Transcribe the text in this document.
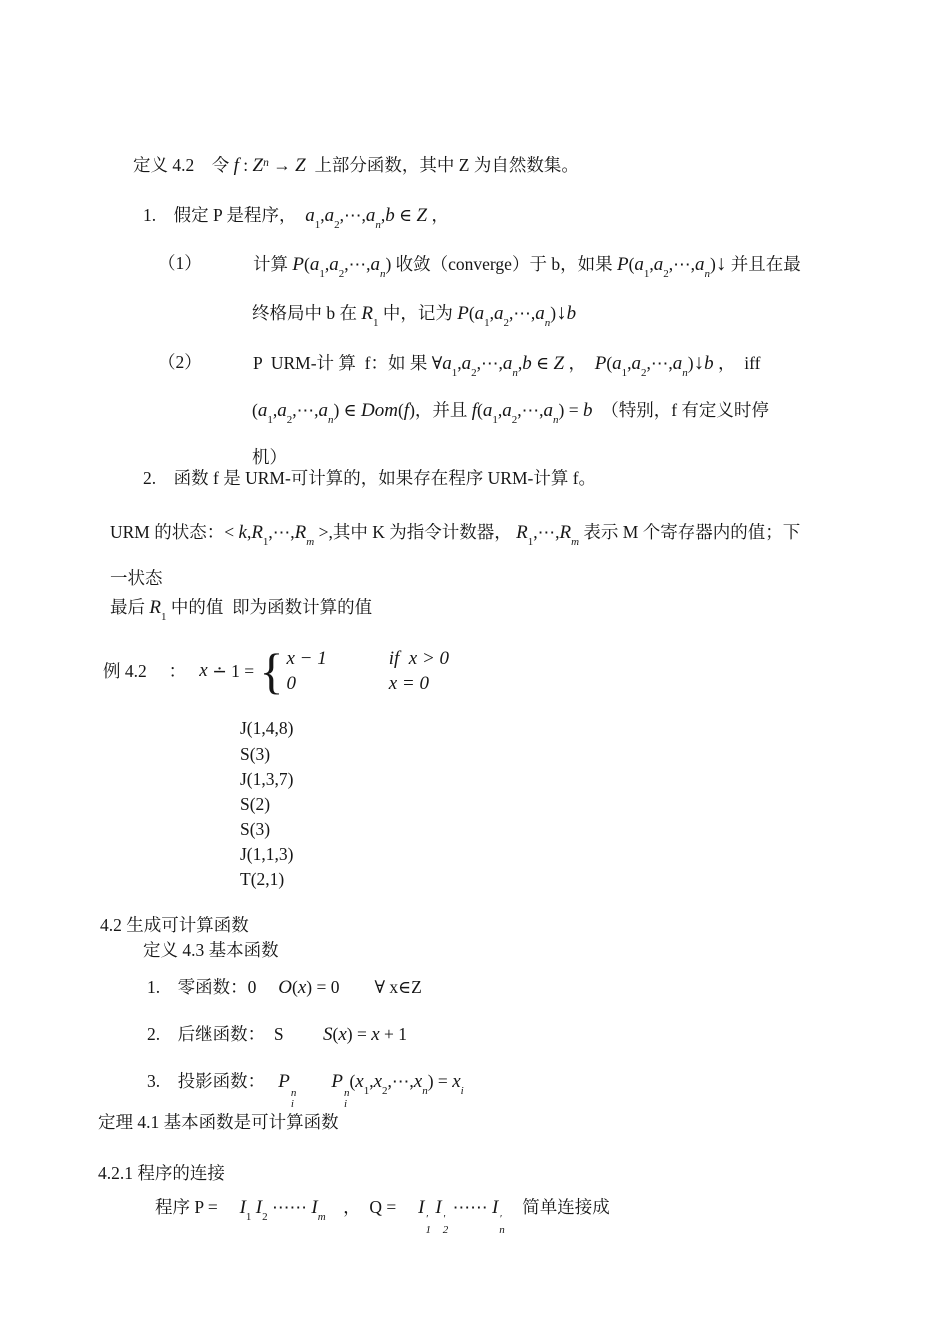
定义 4.2　令 f : $Z^n \to Z$  上部分函数，其中 Z 为自然数集。
1.　假定 P 是程序，　$a_1,a_2,\cdots,a_n,b$ ∈ Z ，
（1）	计算 $P(a_1,a_2,\cdots,a_n)$ 收敛（converge）于 b，如果 $P(a_1,a_2,\cdots,a_n)↓$ 并且在最
终格局中 b 在 $R_1$ 中，记为 $P(a_1,a_2,\cdots,a_n)↓b$
（2）	P  URM-计 算  f：如 果 $\forall a_1,a_2,\cdots,a_n,b$ ∈ Z ，　$P(a_1,a_2,\cdots,a_n)↓b$ ，  iff
$(a_1,a_2,\cdots,a_n)$ ∈ Dom(f)，并且 $f(a_1,a_2,\cdots,a_n) = b$　（特别，f 有定义时停
机）
2.　函数 f 是 URM-可计算的，如果存在程序 URM-计算 f。
URM 的状态：< $k,R_1,\cdots,R_m$ >,其中 K 为指令计数器， $R_1,\cdots,R_m$ 表示 M 个寄存器内的值；下
一状态
最后 $R_1$ 中的值  即为函数计算的值
例 4.2　 ：　 x ∸ 1 = { x − 1	if  x > 0
0	x = 0
J(1,4,8)
S(3)
J(1,3,7)
S(2)
S(3)
J(1,1,3)
T(2,1)
4.2 生成可计算函数
定义 4.3 基本函数
1.　零函数：0　 O(x) = 0　　∀ x∈Z
2.　后继函数：　S　　 S(x) = x + 1
3.　投影函数：　 P
n
i
　　P
n
i
$(x_1,x_2,\cdots,x_n) = x_i$
定理 4.1 基本函数是可计算函数
4.2.1 程序的连接
程序 P = 　$I_1$ $I_2$ ⋯⋯ $I_m$　，　Q = 　I
′
1
I
′
2
⋯⋯ I
′
n
　简单连接成
